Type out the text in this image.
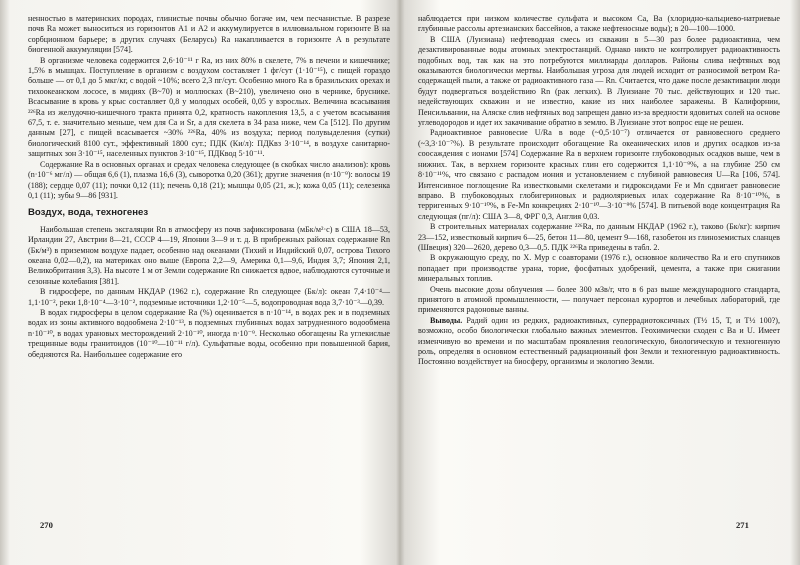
ненностью в материнских породах, глинистые почвы обычно богаче им, чем песчанистые. В разрезе почв Ra может выноситься из горизонтов A1 и A2 и аккумулируется в иллювиальном горизонте B на сорбционном барьере; в других случаях (Беларусь) Ra накапливается в горизонте A в результате биогенной аккумуляции [574].

В организме человека содержится 2,6·10⁻¹¹ г Ra, из них 80% в скелете, 7% в печени и кишечнике; 1,5% в мышцах. Поступление в организм с воздухом составляет 1 фг/сут (1·10⁻¹⁵), с пищей гораздо больше — от 0,1 до 5 мкг/кг, с водой ~10%; всего 2,3 пг/сут. Особенно много Ra в бразильских орехах и тихоокеанском лососе, в мидиях (B~70) и моллюсках (B~210), увеличено оно в чернике, бруснике. Всасывание в кровь у крыс составляет 0,8 у молодых особей, 0,05 у взрослых. Величина всасывания ²²⁶Ra из желудочно-кишечного тракта принята 0,2, кратность накопления 13,5, а с учетом всасывания 67,5, т. е. значительно меньше, чем для Ca и Sr, а для скелета в 34 раза ниже, чем Ca [512]. По другим данным [27], с пищей всасывается ~30% ²²⁶Ra, 40% из воздуха; период полувыделения (сутки) биологический 8100 сут., эффективный 1800 сут.; ПДК (Ки/л): ПДКвз 3·10⁻¹⁴, в воздухе санитарно-защитных зон 3·10⁻¹⁵, населенных пунктов 3·10⁻¹⁵, ПДКвод 5·10⁻¹¹.

Содержание Ra в основных органах и средах человека следующее (в скобках число анализов): кровь (n·10⁻⁶ мг/л) — общая 6,6 (1), плазма 16,6 (3), сыворотка 0,20 (361); другие значения (n·10⁻⁹): волосы 19 (188); сердце 0,07 (11); почки 0,12 (11); печень 0,18 (21); мышцы 0,05 (21, ж.); кожа 0,05 (11); селезенка 0,1 (11); зубы 9—86 [931].

Воздух, вода, техногенез

Наибольшая степень эксгаляции Rn в атмосферу из почв зафиксирована (мБк/м²·с) в США 18—53, Ирландии 27, Австрии 8—21, СССР 4—19, Японии 3—9 и т. д. В прибрежных районах содержание Rn (Бк/м³) в приземном воздухе падает, особенно над океанами (Тихий и Индийский 0,07, острова Тихого океана 0,02—0,2), на материках оно выше (Европа 2,2—9, Америка 0,1—9,6, Индия 3,7; Япония 2,1, Великобритания 3,3). На высоте 1 м от Земли содержание Rn снижается вдвое, наблюдаются суточные и сезонные колебания [381].

В гидросфере, по данным НКДАР (1962 г.), содержание Rn следующее (Бк/л): океан 7,4·10⁻⁴—1,1·10⁻², реки 1,8·10⁻⁴—3·10⁻², подземные источники 1,2·10⁻⁵—5, водопроводная вода 3,7·10⁻³—0,39.

В водах гидросферы в целом содержание Ra (%) оценивается в n·10⁻¹⁴, в водах рек и в подземных водах из зоны активного водообмена 2·10⁻¹³, в подземных глубинных водах затрудненного водообмена n·10⁻¹⁰, в водах урановых месторождений 2·10⁻¹⁰, иногда n·10⁻⁹. Несколько обогащены Ra углекислые трещинные воды гранитоидов (10⁻¹⁰—10⁻¹¹ г/л). Сульфатные воды, особенно при повышенной бария, обедняются Ra. Наибольшее содержание его

270

наблюдается при низком количестве сульфата и высоком Ca, Ba (хлоридно-кальциево-натриевые глубинные рассолы артезианских бассейнов, а также нефтеносные воды); в 20—100—1000.

В США (Луизиана) нефтеводная смесь из скважин в 5—30 раз более радиоактивна, чем дезактивированные воды атомных электростанций. Однако никто не контролирует радиоактивность подобных вод, так как на это потребуются миллиарды долларов. Районы слива нефтяных вод оказываются биологически мертвы. Наибольшая угроза для людей исходит от разносимой ветром Ra-содержащей пыли, а также от радиоактивного газа — Rn. Считается, что даже после дезактивации люди будут подвергаться воздействию Rn (рак легких). В Луизиане 70 тыс. действующих и 120 тыс. недействующих скважин и не известно, какие из них наиболее заражены. В Калифорнии, Пенсильвании, на Аляске слив нефтяных вод запрещен давно из-за вредности ядовитых солей на основе углеводородов и идет их закачивание обратно в землю. В Луизиане этот вопрос еще не решен.

Радиоактивное равновесие U/Ra в воде (~0,5·10⁻⁷) отличается от равновесного среднего (~3,3·10⁻⁷%). В результате происходит обогащение Ra океанических илов и других осадков из-за соосаждения с ионами [574] Содержание Ra в верхнем горизонте глубоководных осадков выше, чем в нижних. Так, в верхнем горизонте красных глин его содержится 1,1·10⁻⁹%, а на глубине 250 см 8·10⁻¹¹%, что связано с распадом иония и установлением с глубиной равновесия U—Ra [106, 574]. Интенсивное поглощение Ra известковыми скелетами и гидроксидами Fe и Mn сдвигает равновесие вправо. В глубоководных глобигериновых и радиоляриевых илах содержание Ra 8·10⁻¹⁰%, в терригенных 9·10⁻¹⁰%, в Fe-Mn конкрециях 2·10⁻¹⁰—3·10⁻⁹% [574]. В питьевой воде концентрация Ra следующая (пг/л): США 3—8, ФРГ 0,3, Англия 0,03.

В строительных материалах содержание ²²⁶Ra, по данным НКДАР (1962 г.), таково (Бк/кг): кирпич 23—152, известковый кирпич 6—25, бетон 11—80, цемент 9—168, газобетон из глиноземистых сланцев (Швеция) 320—2620, дерево 0,3—0,5. ПДК ²²⁶Ra приведены в табл. 2.

В окружающую среду, по Х. Мур с соавторами (1976 г.), основное количество Ra и его спутников попадает при производстве урана, торие, фосфатных удобрений, цемента, а также при сжигании минеральных топлив.

Очень высокие дозы облучения — более 300 мЗв/г, что в 6 раз выше международного стандарта, принятого в атомной промышленности, — получает персонал курортов и лечебных лабораторий, где применяются радоновые ванны.

Выводы. Радий один из редких, радиоактивных, суперрадиотоксичных (Т½ 15, Т, и Т½ 100?), возможно, особо биологически глобально важных элементов. Геохимически сходен с Ba и U. Имеет изменчивую во времени и по масштабам проявления геологическую, биологическую и техногенную роль, определяя в основном естественный радиационный фон Земли и техногенную радиоактивность. Постоянно воздействует на биосферу, организмы и экологию Земли.

271
